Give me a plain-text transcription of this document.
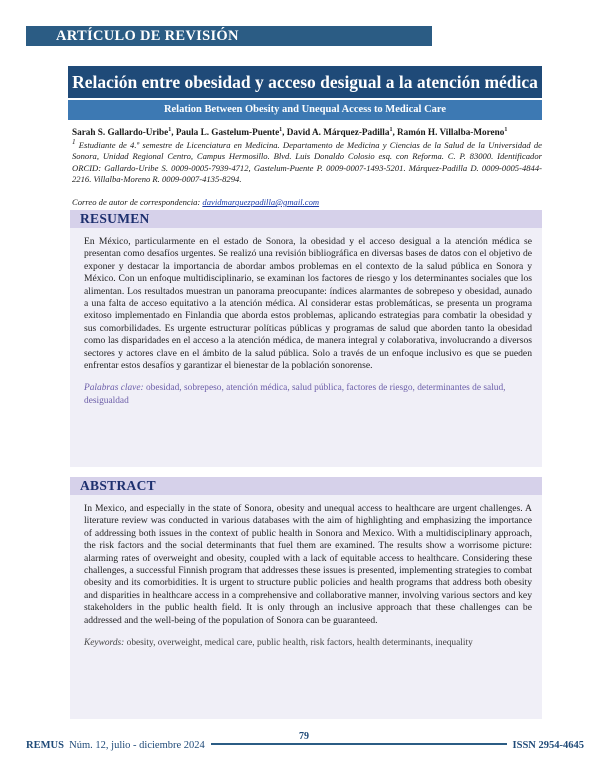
ARTÍCULO DE REVISIÓN
Relación entre obesidad y acceso desigual a la atención médica
Relation Between Obesity and Unequal Access to Medical Care
Sarah S. Gallardo-Uribe$^1$, Paula L. Gastelum-Puente$^1$, David A. Márquez-Padilla$^1$, Ramón H. Villalba-Moreno$^1$
$^1$ Estudiante de 4.º semestre de Licenciatura en Medicina. Departamento de Medicina y Ciencias de la Salud de la Universidad de Sonora, Unidad Regional Centro, Campus Hermosillo. Blvd. Luis Donaldo Colosio esq. con Reforma. C. P. 83000. Identificador ORCID: Gallardo-Uribe S. 0009-0005-7939-4712, Gastelum-Puente P. 0009-0007-1493-5201. Márquez-Padilla D. 0009-0005-4844-2216. Villalba-Moreno R. 0009-0007-4135-8294.
Correo de autor de correspondencia: davidmarquezpadilla@gmail.com
RESUMEN
En México, particularmente en el estado de Sonora, la obesidad y el acceso desigual a la atención médica se presentan como desafíos urgentes. Se realizó una revisión bibliográfica en diversas bases de datos con el objetivo de exponer y destacar la importancia de abordar ambos problemas en el contexto de la salud pública en Sonora y México. Con un enfoque multidisciplinario, se examinan los factores de riesgo y los determinantes sociales que los alimentan. Los resultados muestran un panorama preocupante: índices alarmantes de sobrepeso y obesidad, aunado a una falta de acceso equitativo a la atención médica. Al considerar estas problemáticas, se presenta un programa exitoso implementado en Finlandia que aborda estos problemas, aplicando estrategias para combatir la obesidad y sus comorbilidades. Es urgente estructurar políticas públicas y programas de salud que aborden tanto la obesidad como las disparidades en el acceso a la atención médica, de manera integral y colaborativa, involucrando a diversos sectores y actores clave en el ámbito de la salud pública. Solo a través de un enfoque inclusivo es que se pueden enfrentar estos desafíos y garantizar el bienestar de la población sonorense.
Palabras clave: obesidad, sobrepeso, atención médica, salud pública, factores de riesgo, determinantes de salud, desigualdad
ABSTRACT
In Mexico, and especially in the state of Sonora, obesity and unequal access to healthcare are urgent challenges. A literature review was conducted in various databases with the aim of highlighting and emphasizing the importance of addressing both issues in the context of public health in Sonora and Mexico. With a multidisciplinary approach, the risk factors and the social determinants that fuel them are examined. The results show a worrisome picture: alarming rates of overweight and obesity, coupled with a lack of equitable access to healthcare. Considering these challenges, a successful Finnish program that addresses these issues is presented, implementing strategies to combat obesity and its comorbidities. It is urgent to structure public policies and health programs that address both obesity and disparities in healthcare access in a comprehensive and collaborative manner, involving various sectors and key stakeholders in the public health field. It is only through an inclusive approach that these challenges can be addressed and the well-being of the population of Sonora can be guaranteed.
Keywords: obesity, overweight, medical care, public health, risk factors, health determinants, inequality
79
REMUS Núm. 12, julio - diciembre 2024	ISSN 2954-4645
